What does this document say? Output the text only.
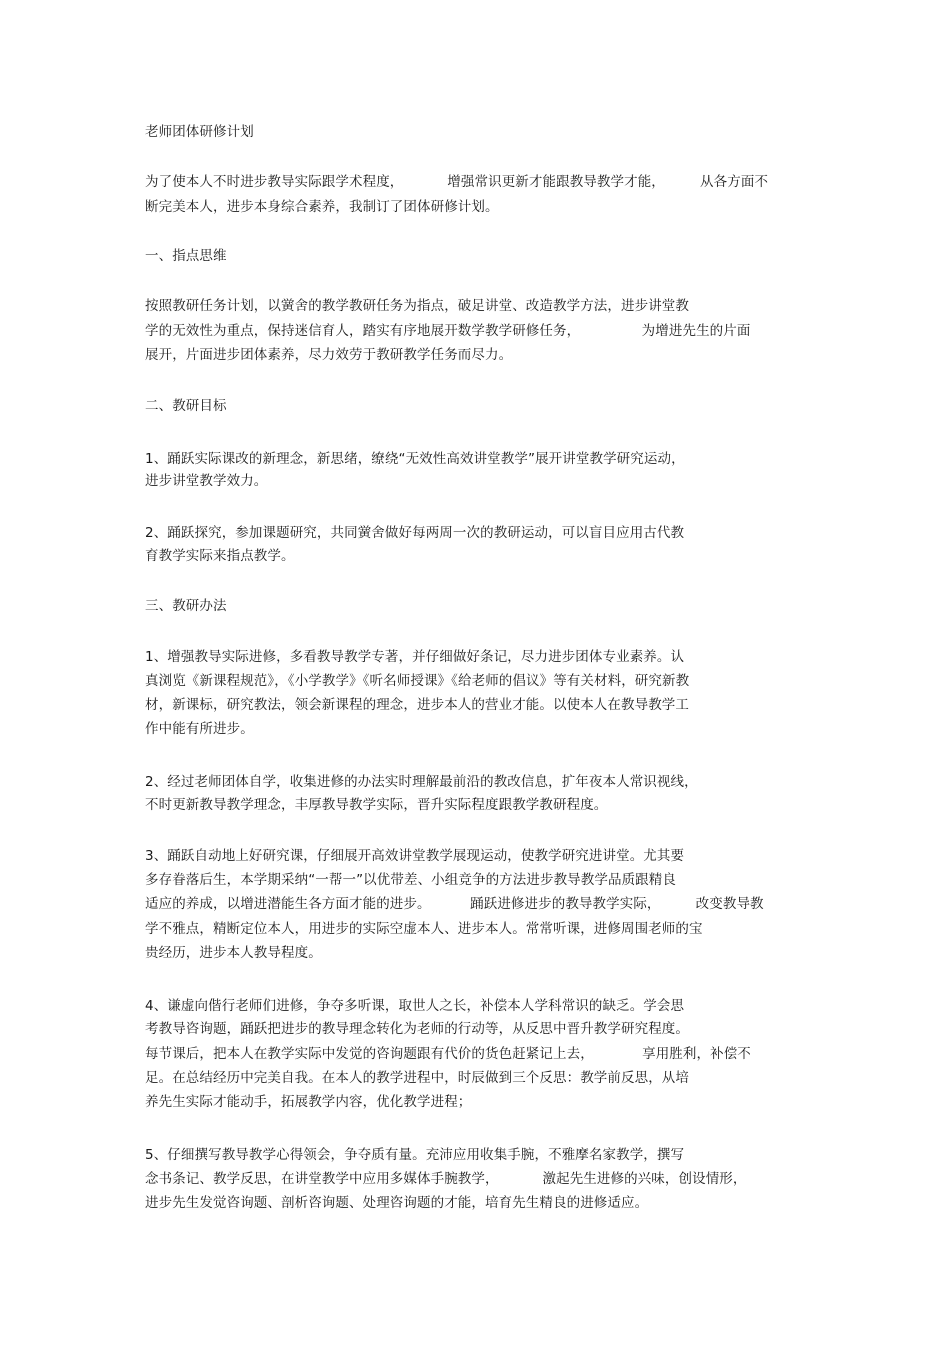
老师团体研修计划
为了使本人不时进步教导实际跟学术程度，          增强常识更新才能跟教导教学才能，        从各方面不
断完美本人，进步本身综合素养，我制订了团体研修计划。
一、指点思维
按照教研任务计划，以黉舍的教学教研任务为指点，破足讲堂、改造教学方法，进步讲堂教
学的无效性为重点，保持迷信育人，踏实有序地展开数学教学研修任务，              为增进先生的片面
展开，片面进步团体素养，尽力效劳于教研教学任务而尽力。
二、教研目标
1、踊跃实际课改的新理念，新思绪，缭绕“无效性高效讲堂教学”展开讲堂教学研究运动，
进步讲堂教学效力。
2、踊跃探究，参加课题研究，共同黉舍做好每两周一次的教研运动，可以盲目应用古代教
育教学实际来指点教学。
三、教研办法
1、增强教导实际进修，多看教导教学专著，并仔细做好条记，尽力进步团体专业素养。认
真浏览《新课程规范》，《小学教学》《听名师授课》《给老师的倡议》等有关材料，研究新教
材，新课标，研究教法，领会新课程的理念，进步本人的营业才能。以使本人在教导教学工
作中能有所进步。
2、经过老师团体自学，收集进修的办法实时理解最前沿的教改信息，扩年夜本人常识视线，
不时更新教导教学理念，丰厚教导教学实际，晋升实际程度跟教学教研程度。
3、踊跃自动地上好研究课，仔细展开高效讲堂教学展现运动，使教学研究进讲堂。尤其要
多存眷落后生，本学期采纳“一帮一”以优带差、小组竞争的方法进步教导教学品质跟精良
适应的养成，以增进潜能生各方面才能的进步。         踊跃进修进步的教导教学实际，        改变教导教
学不雅点，精断定位本人，用进步的实际空虚本人、进步本人。常常听课，进修周围老师的宝
贵经历，进步本人教导程度。
4、谦虚向偕行老师们进修，争夺多听课，取世人之长，补偿本人学科常识的缺乏。学会思
考教导咨询题，踊跃把进步的教导理念转化为老师的行动等，从反思中晋升教学研究程度。
每节课后，把本人在教学实际中发觉的咨询题跟有代价的货色赶紧记上去，           享用胜利，补偿不
足。在总结经历中完美自我。在本人的教学进程中，时辰做到三个反思：教学前反思，从培
养先生实际才能动手，拓展教学内容，优化教学进程；
5、仔细撰写教导教学心得领会，争夺质有量。充沛应用收集手腕，不雅摩名家教学，撰写
念书条记、教学反思，在讲堂教学中应用多媒体手腕教学，          激起先生进修的兴味，创设情形，
进步先生发觉咨询题、剖析咨询题、处理咨询题的才能，培育先生精良的进修适应。
